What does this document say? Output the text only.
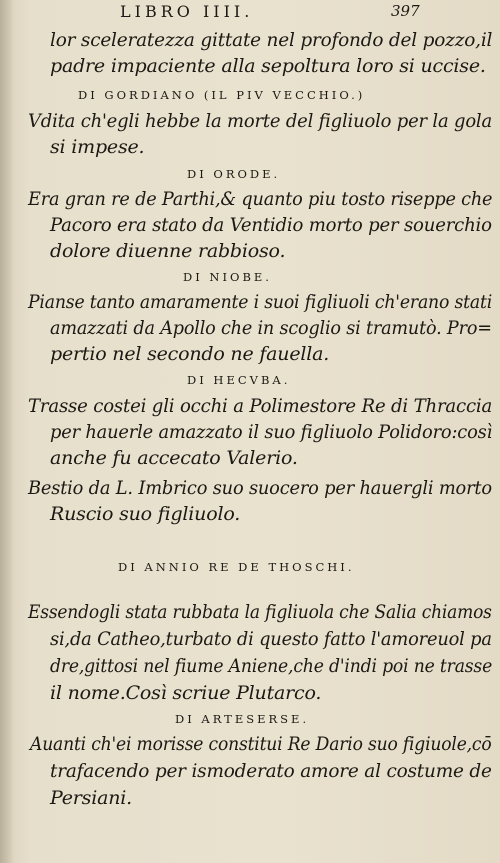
LIBRO IIII.	397
lor sceleratezza gittate nel profondo del pozzo,il
padre impaciente alla sepoltura loro si uccise.
DI GORDIANO (IL PIV VECCHIO.)
Vdita ch'egli hebbe la morte del figliuolo per la gola
si impese.
DI ORODE.
Era gran re de Parthi,& quanto piu tosto riseppe che
Pacoro era stato da Ventidio morto per souerchio
dolore diuenne rabbioso.
DI NIOBE.
Pianse tanto amaramente i suoi figliuoli ch'erano stati
amazzati da Apollo che in scoglio si tramutò. Pro=
pertio nel secondo ne fauella.
DI HECVBA.
Trasse costei gli occhi a Polimestore Re di Thraccia
per hauerle amazzato il suo figliuolo Polidoro:così
anche fu accecato Valerio.
Bestio da L. Imbrico suo suocero per hauergli morto
Ruscio suo figliuolo.
DI ANNIO RE DE THOSCHI.
Essendogli stata rubbata la figliuola che Salia chiamos
si,da Catheo,turbato di questo fatto l'amoreuol pa
dre,gittosi nel fiume Aniene,che d'indi poi ne trasse
il nome.Così scriue Plutarco.
DI ARTESERSE.
Auanti ch'ei morisse constitui Re Dario suo figiuole,cō
trafacendo per ismoderato amore al costume de
Persiani.
